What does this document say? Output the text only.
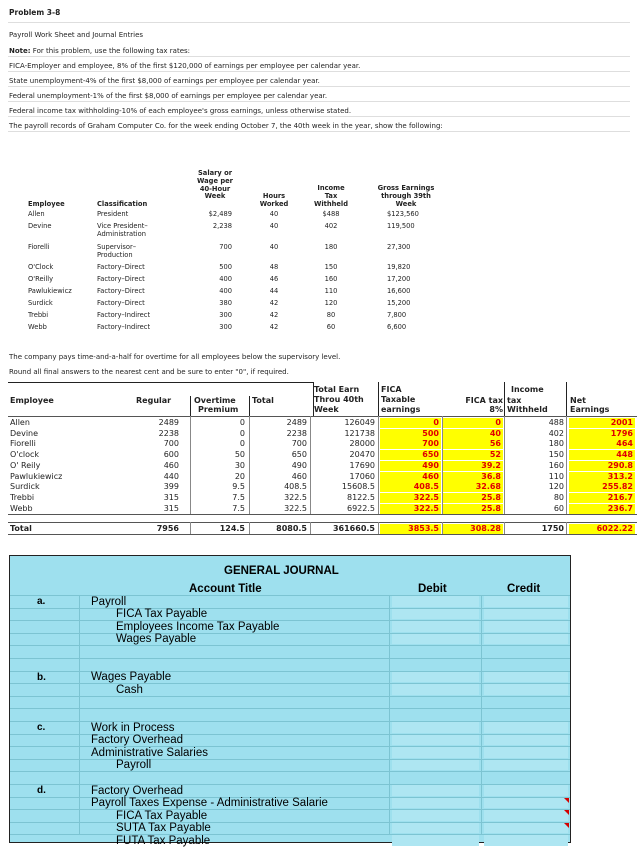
Problem 3-8
Payroll Work Sheet and Journal Entries
Note: For this problem, use the following tax rates:
FICA-Employer and employee, 8% of the first $120,000 of earnings per employee per calendar year.
State unemployment-4% of the first $8,000 of earnings per employee per calendar year.
Federal unemployment-1% of the first $8,000 of earnings per employee per calendar year.
Federal income tax withholding-10% of each employee's gross earnings, unless otherwise stated.
The payroll records of Graham Computer Co. for the week ending October 7, the 40th week in the year, show the following:
Employee	Classification
Salary or
Wage per
40-Hour
Week	Hours
Worked
Income
Tax
Withheld
Gross Earnings
through 39th
Week
Allen	President	$2,489	40	$488	$123,560
Devine	Vice President–
Administration
2,238	40	402	119,500
Fiorelli	Supervisor–
Production
700	40	180	27,300
O'Clock	Factory–Direct	500	48	150	19,820
O'Reilly	Factory–Direct	400	46	160	17,200
Pawlukiewicz	Factory–Direct	400	44	110	16,600
Surdick	Factory–Direct	380	42	120	15,200
Trebbi	Factory–Indirect	300	42	80	7,800
Webb	Factory–Indirect	300	42	60	6,600
The company pays time-and-a-half for overtime for all employees below the supervisory level.
Round all final answers to the nearest cent and be sure to enter "0", if required.
Employee	Regular	Overtime
Premium
Total
Total Earn
Throu 40th
Week
FICA
Taxable
earnings
FICA tax
8%
Income
tax
Withheld
Net
Earnings
Allen	2489	0	2489	126049	0	0	488	2001
Devine	2238	0	2238	121738	500	40	402	1796
Fiorelli	700	0	700	28000	700	56	180	464
O'clock	600	50	650	20470	650	52	150	448
O' Reily	460	30	490	17690	490	39.2	160	290.8
Pawlukiewicz	440	20	460	17060	460	36.8	110	313.2
Surdick	399	9.5	408.5	15608.5	408.5	32.68	120	255.82
Trebbi	315	7.5	322.5	8122.5	322.5	25.8	80	216.7
Webb	315	7.5	322.5	6922.5	322.5	25.8	60	236.7
Total	7956	124.5	8080.5	361660.5	3853.5	308.28	1750	6022.22
GENERAL JOURNAL
Account Title	Debit	Credit
a.	Payroll
FICA Tax Payable
Employees Income Tax Payable
Wages Payable
b.	Wages Payable
Cash
c.	Work in Process
Factory Overhead
Administrative Salaries
Payroll
d.	Factory Overhead
Payroll Taxes Expense - Administrative Salarie
FICA Tax Payable
SUTA Tax Payable
FUTA Tax Payable
